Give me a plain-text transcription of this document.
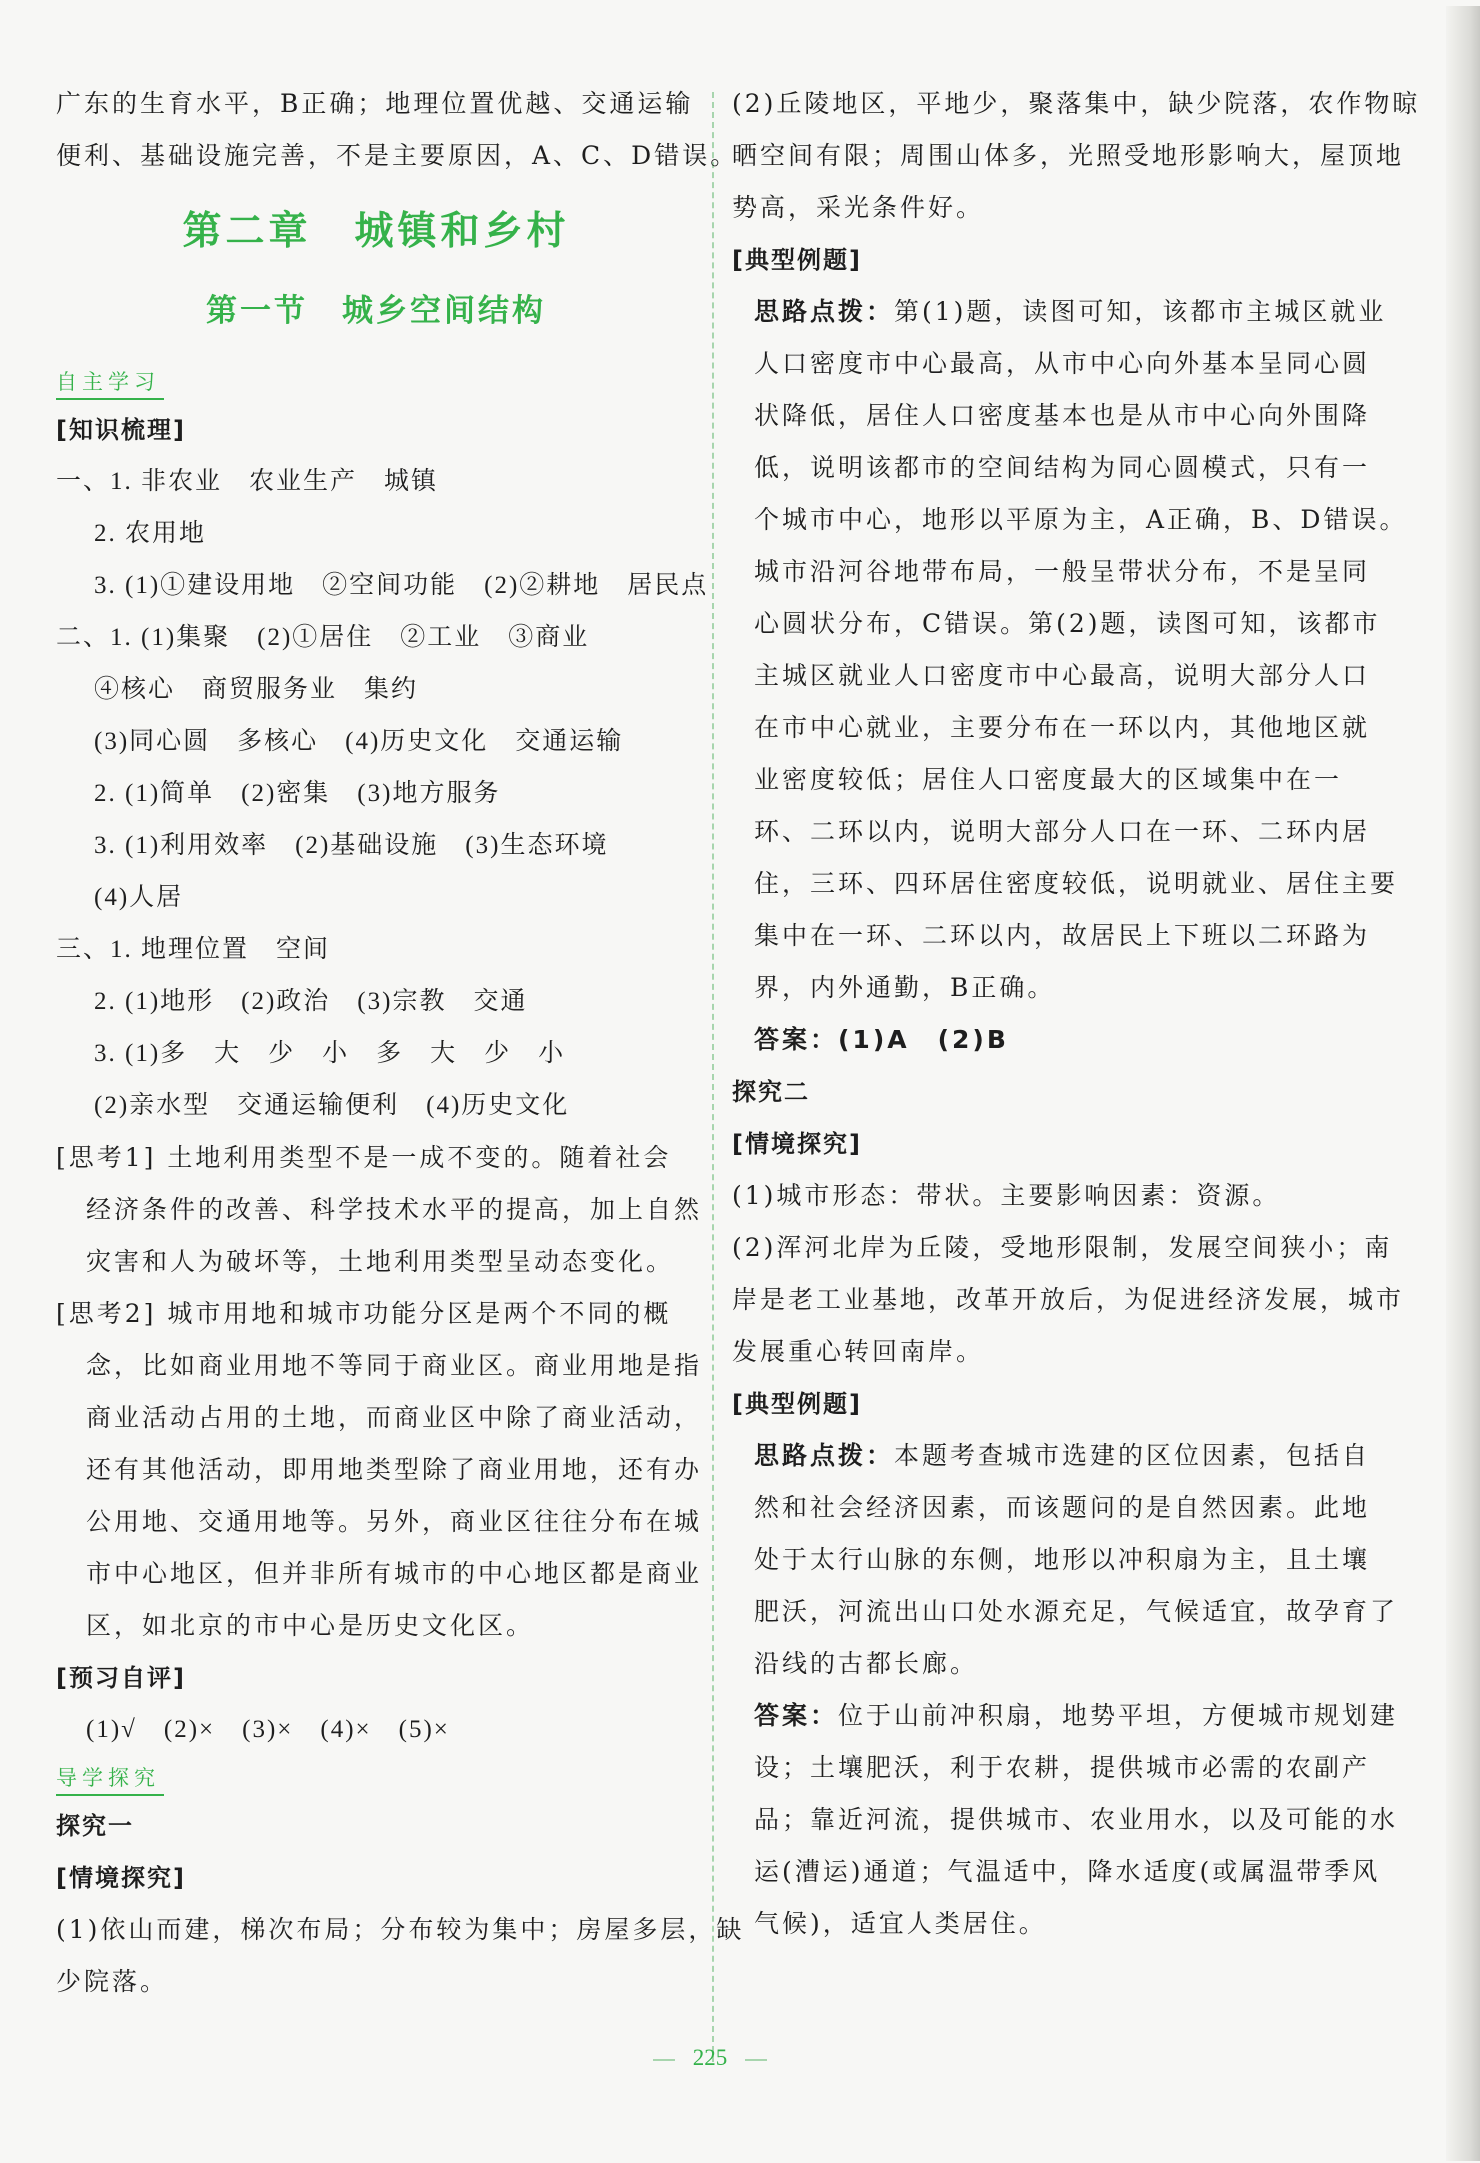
广东的生育水平，B正确；地理位置优越、交通运输
便利、基础设施完善，不是主要原因，A、C、D错误。
第二章　城镇和乡村
第一节　城乡空间结构
自主学习
[知识梳理]
一、1. 非农业　农业生产　城镇
2. 农用地
3. (1)①建设用地　②空间功能　(2)②耕地　居民点
二、1. (1)集聚　(2)①居住　②工业　③商业
④核心　商贸服务业　集约
(3)同心圆　多核心　(4)历史文化　交通运输
2. (1)简单　(2)密集　(3)地方服务
3. (1)利用效率　(2)基础设施　(3)生态环境
(4)人居
三、1. 地理位置　空间
2. (1)地形　(2)政治　(3)宗教　交通
3. (1)多　大　少　小　多　大　少　小
(2)亲水型　交通运输便利　(4)历史文化
[思考1] 土地利用类型不是一成不变的。随着社会
经济条件的改善、科学技术水平的提高，加上自然
灾害和人为破坏等，土地利用类型呈动态变化。
[思考2] 城市用地和城市功能分区是两个不同的概
念，比如商业用地不等同于商业区。商业用地是指
商业活动占用的土地，而商业区中除了商业活动，
还有其他活动，即用地类型除了商业用地，还有办
公用地、交通用地等。另外，商业区往往分布在城
市中心地区，但并非所有城市的中心地区都是商业
区，如北京的市中心是历史文化区。
[预习自评]
(1)√　(2)×　(3)×　(4)×　(5)×
导学探究
探究一
[情境探究]
(1)依山而建，梯次布局；分布较为集中；房屋多层，缺
少院落。
(2)丘陵地区，平地少，聚落集中，缺少院落，农作物晾
晒空间有限；周围山体多，光照受地形影响大，屋顶地
势高，采光条件好。
[典型例题]
思路点拨：第(1)题，读图可知，该都市主城区就业
人口密度市中心最高，从市中心向外基本呈同心圆
状降低，居住人口密度基本也是从市中心向外围降
低，说明该都市的空间结构为同心圆模式，只有一
个城市中心，地形以平原为主，A正确，B、D错误。
城市沿河谷地带布局，一般呈带状分布，不是呈同
心圆状分布，C错误。第(2)题，读图可知，该都市
主城区就业人口密度市中心最高，说明大部分人口
在市中心就业，主要分布在一环以内，其他地区就
业密度较低；居住人口密度最大的区域集中在一
环、二环以内，说明大部分人口在一环、二环内居
住，三环、四环居住密度较低，说明就业、居住主要
集中在一环、二环以内，故居民上下班以二环路为
界，内外通勤，B正确。
答案：(1)A　(2)B
探究二
[情境探究]
(1)城市形态：带状。主要影响因素：资源。
(2)浑河北岸为丘陵，受地形限制，发展空间狭小；南
岸是老工业基地，改革开放后，为促进经济发展，城市
发展重心转回南岸。
[典型例题]
思路点拨：本题考查城市选建的区位因素，包括自
然和社会经济因素，而该题问的是自然因素。此地
处于太行山脉的东侧，地形以冲积扇为主，且土壤
肥沃，河流出山口处水源充足，气候适宜，故孕育了
沿线的古都长廊。
答案：位于山前冲积扇，地势平坦，方便城市规划建
设；土壤肥沃，利于农耕，提供城市必需的农副产
品；靠近河流，提供城市、农业用水，以及可能的水
运(漕运)通道；气温适中，降水适度(或属温带季风
气候)，适宜人类居住。
225
